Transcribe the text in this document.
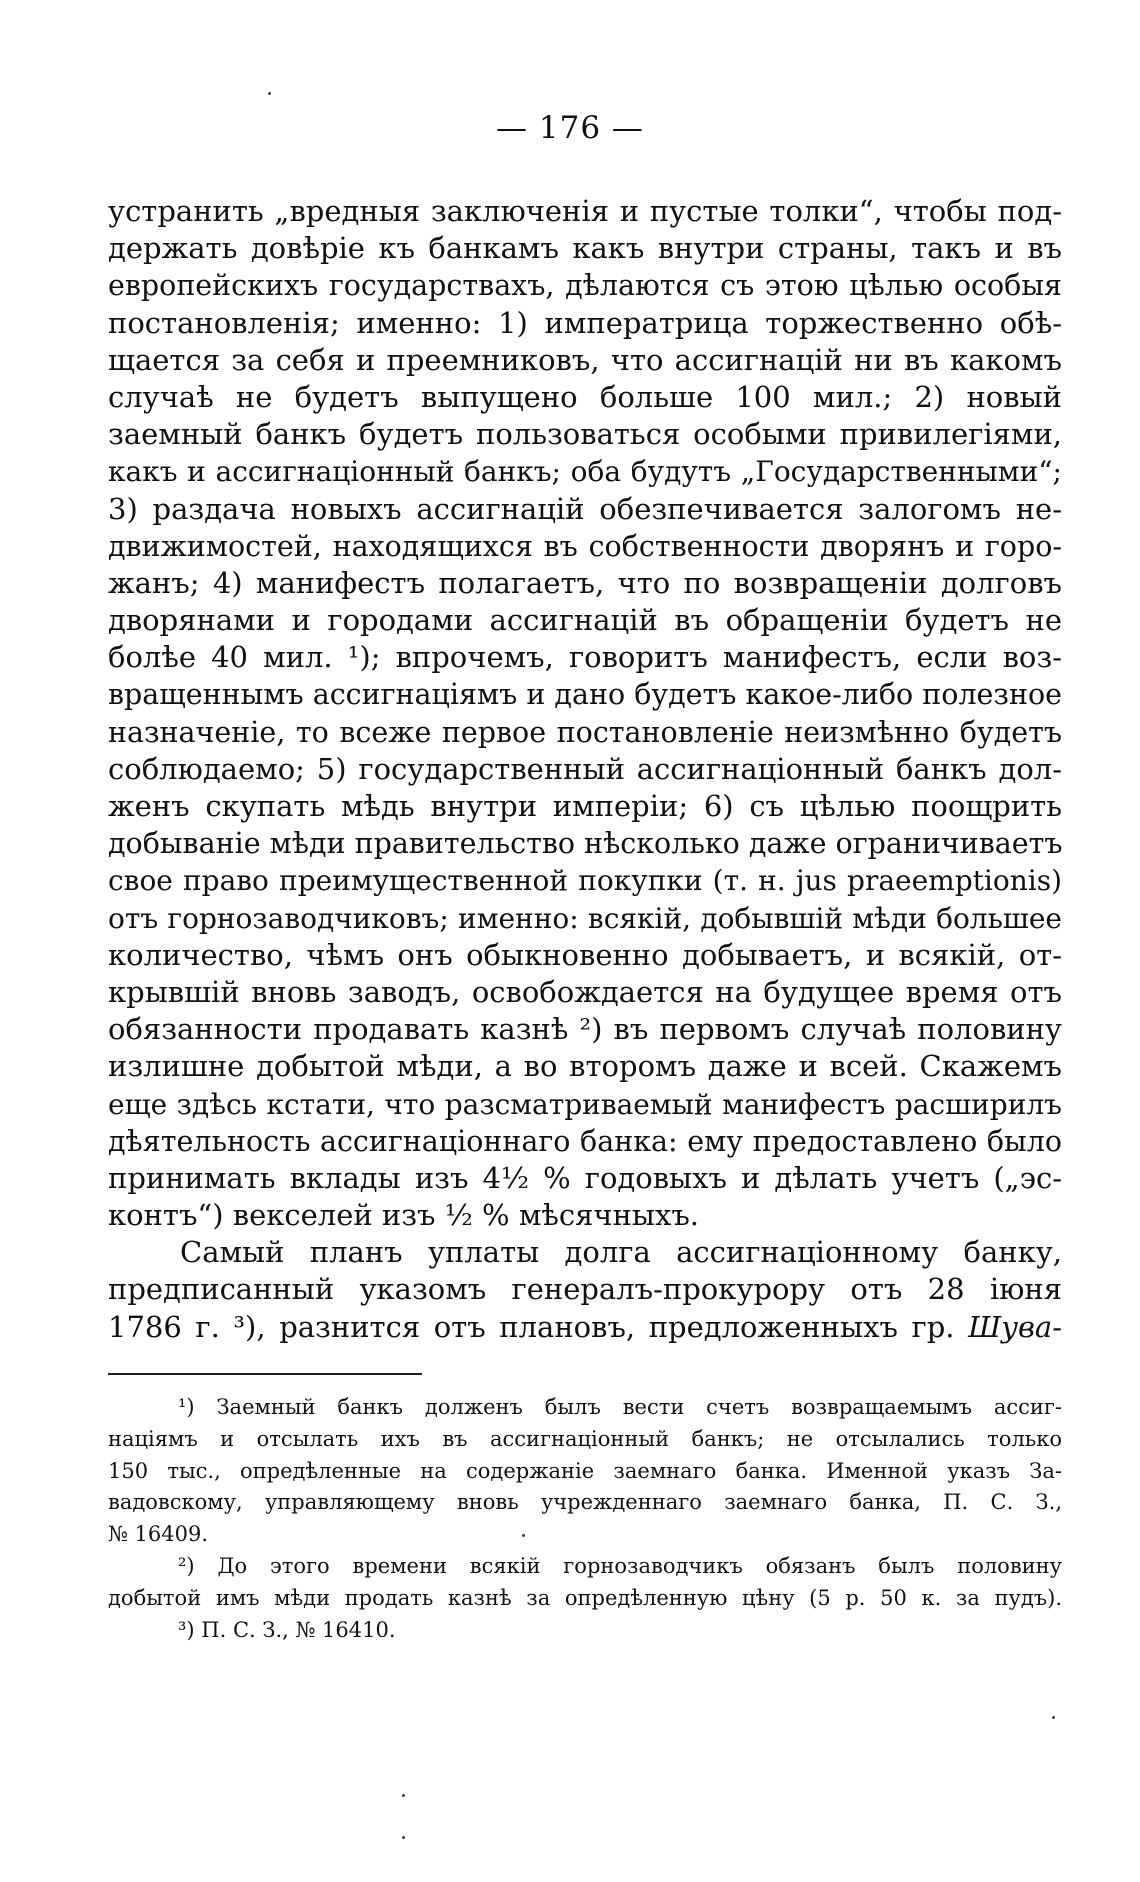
— 176 —
устранить „вредныя заключенія и пустые толки“, чтобы под-
держать довѣріе къ банкамъ какъ внутри страны, такъ и въ
европейскихъ государствахъ, дѣлаются съ этою цѣлью особыя
постановленія; именно: 1) императрица торжественно обѣ-
щается за себя и преемниковъ, что ассигнацій ни въ какомъ
случаѣ не будетъ выпущено больше 100 мил.; 2) новый
заемный банкъ будетъ пользоваться особыми привилегіями,
какъ и ассигнаціонный банкъ; оба будутъ „Государственными“;
3) раздача новыхъ ассигнацій обезпечивается залогомъ не-
движимостей, находящихся въ собственности дворянъ и горо-
жанъ; 4) манифестъ полагаетъ, что по возвращеніи долговъ
дворянами и городами ассигнацій въ обращеніи будетъ не
болѣе 40 мил. ¹); впрочемъ, говоритъ манифестъ, если воз-
вращеннымъ ассигнаціямъ и дано будетъ какое-либо полезное
назначеніе, то всеже первое постановленіе неизмѣнно будетъ
соблюдаемо; 5) государственный ассигнаціонный банкъ дол-
женъ скупать мѣдь внутри имперіи; 6) съ цѣлью поощрить
добываніе мѣди правительство нѣсколько даже ограничиваетъ
свое право преимущественной покупки (т. н. jus praeemptionis)
отъ горнозаводчиковъ; именно: всякій, добывшій мѣди большее
количество, чѣмъ онъ обыкновенно добываетъ, и всякій, от-
крывшій вновь заводъ, освобождается на будущее время отъ
обязанности продавать казнѣ ²) въ первомъ случаѣ половину
излишне добытой мѣди, а во второмъ даже и всей. Скажемъ
еще здѣсь кстати, что разсматриваемый манифестъ расширилъ
дѣятельность ассигнаціоннаго банка: ему предоставлено было
принимать вклады изъ 4½ % годовыхъ и дѣлать учетъ („эс-
контъ“) векселей изъ ½ % мѣсячныхъ.
Самый планъ уплаты долга ассигнаціонному банку,
предписанный указомъ генералъ-прокурору отъ 28 іюня
1786 г. ³), разнится отъ плановъ, предложенныхъ гр. Шува-
¹) Заемный банкъ долженъ былъ вести счетъ возвращаемымъ ассиг-
націямъ и отсылать ихъ въ ассигнаціонный банкъ; не отсылались только
150 тыс., опредѣленные на содержаніе заемнаго банка. Именной указъ За-
вадовскому, управляющему вновь учрежденнаго заемнаго банка, П. С. З.,
№ 16409.
²) До этого времени всякій горнозаводчикъ обязанъ былъ половину
добытой имъ мѣди продать казнѣ за опредѣленную цѣну (5 р. 50 к. за пудъ).
³) П. С. З., № 16410.
